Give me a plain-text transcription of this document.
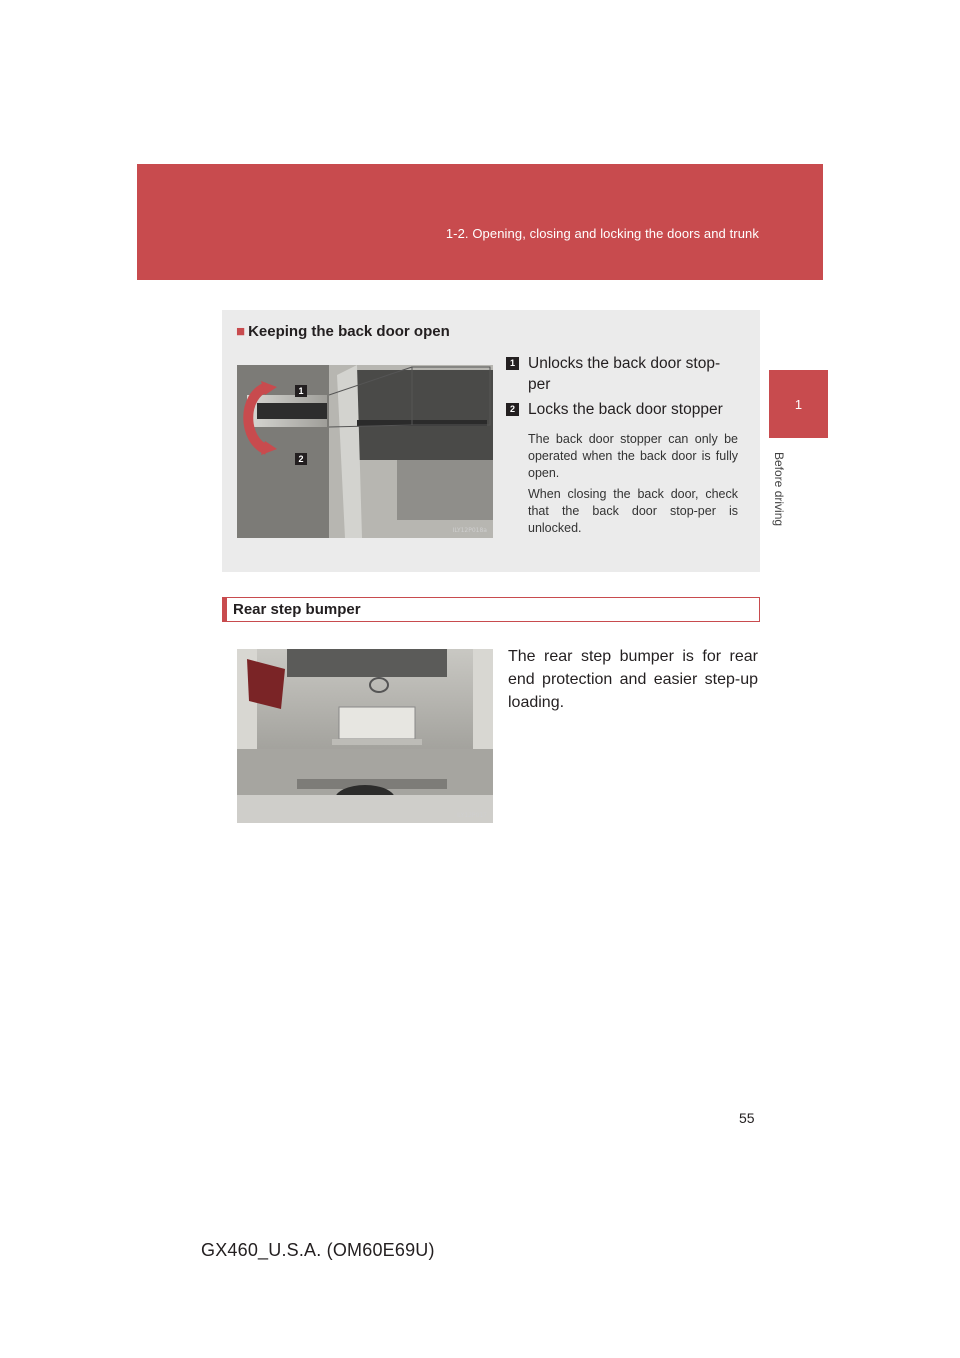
1-2. Opening, closing and locking the doors and trunk
1
Before driving
■ Keeping the back door open
1
2
ILY12P018a
1 Unlocks the back door stop-per
2 Locks the back door stopper
The back door stopper can only be operated when the back door is fully open.
When closing the back door, check that the back door stop-per is unlocked.
Rear step bumper
ILY12P017
The rear step bumper is for rear end protection and easier step-up loading.
55
GX460_U.S.A. (OM60E69U)
